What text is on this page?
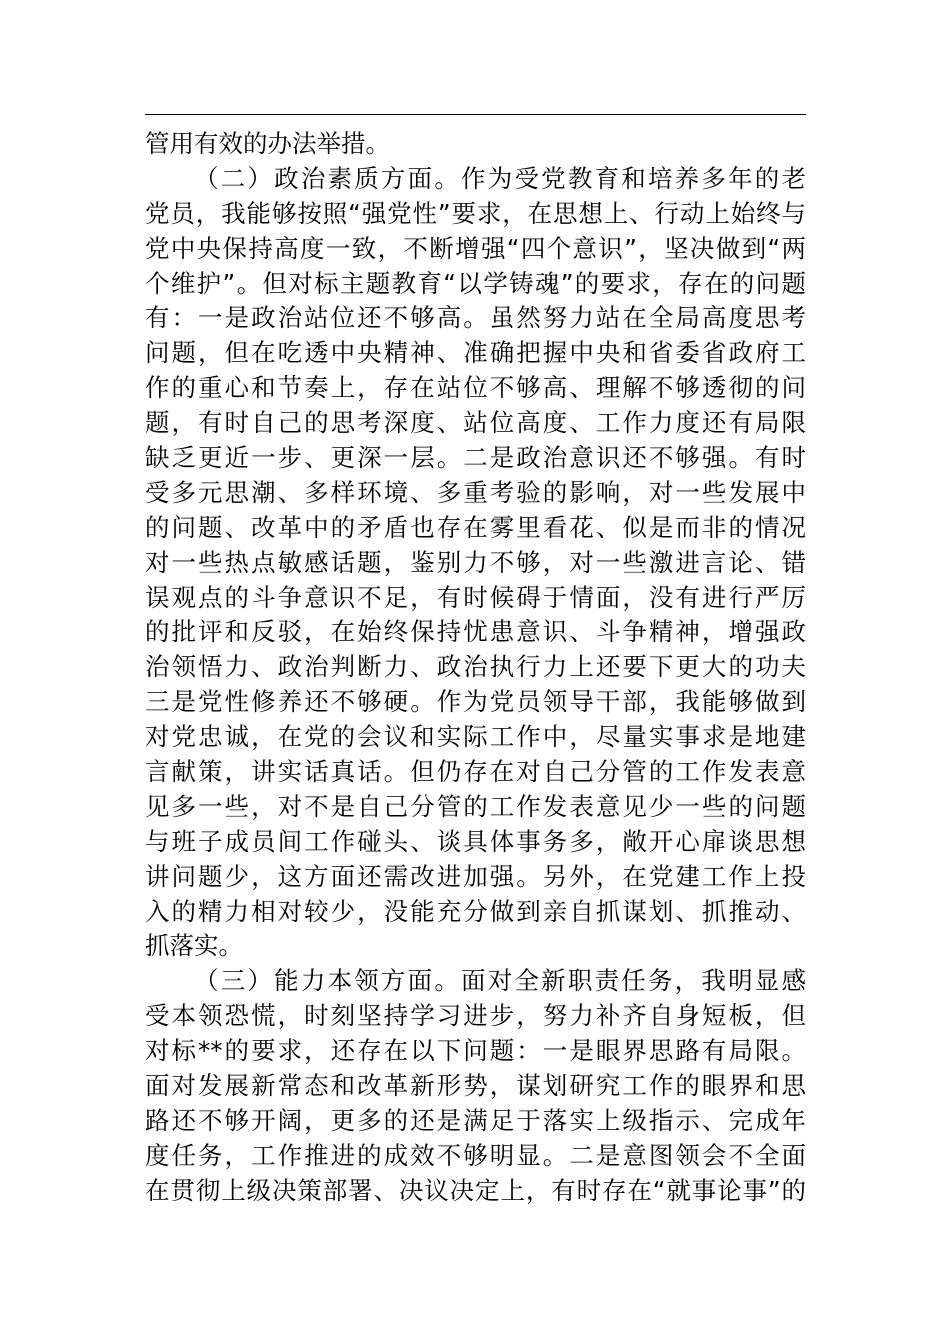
管用有效的办法举措。
（二）政治素质方面。作为受党教育和培养多年的老
党员，我能够按照“强党性”要求，在思想上、行动上始终与
党中央保持高度一致，不断增强“四个意识”，坚决做到“两
个维护”。但对标主题教育“以学铸魂”的要求，存在的问题
有：一是政治站位还不够高。虽然努力站在全局高度思考
问题，但在吃透中央精神、准确把握中央和省委省政府工
作的重心和节奏上，存在站位不够高、理解不够透彻的问
题，有时自己的思考深度、站位高度、工作力度还有局限
缺乏更近一步、更深一层。二是政治意识还不够强。有时
受多元思潮、多样环境、多重考验的影响，对一些发展中
的问题、改革中的矛盾也存在雾里看花、似是而非的情况
对一些热点敏感话题，鉴别力不够，对一些激进言论、错
误观点的斗争意识不足，有时候碍于情面，没有进行严厉
的批评和反驳，在始终保持忧患意识、斗争精神，增强政
治领悟力、政治判断力、政治执行力上还要下更大的功夫
三是党性修养还不够硬。作为党员领导干部，我能够做到
对党忠诚，在党的会议和实际工作中，尽量实事求是地建
言献策，讲实话真话。但仍存在对自己分管的工作发表意
见多一些，对不是自己分管的工作发表意见少一些的问题
与班子成员间工作碰头、谈具体事务多，敞开心扉谈思想
讲问题少，这方面还需改进加强。另外，在党建工作上投
入的精力相对较少，没能充分做到亲自抓谋划、抓推动、
抓落实。
（三）能力本领方面。面对全新职责任务，我明显感
受本领恐慌，时刻坚持学习进步，努力补齐自身短板，但
对标**的要求，还存在以下问题：一是眼界思路有局限。
面对发展新常态和改革新形势，谋划研究工作的眼界和思
路还不够开阔，更多的还是满足于落实上级指示、完成年
度任务，工作推进的成效不够明显。二是意图领会不全面
在贯彻上级决策部署、决议决定上，有时存在“就事论事”的
